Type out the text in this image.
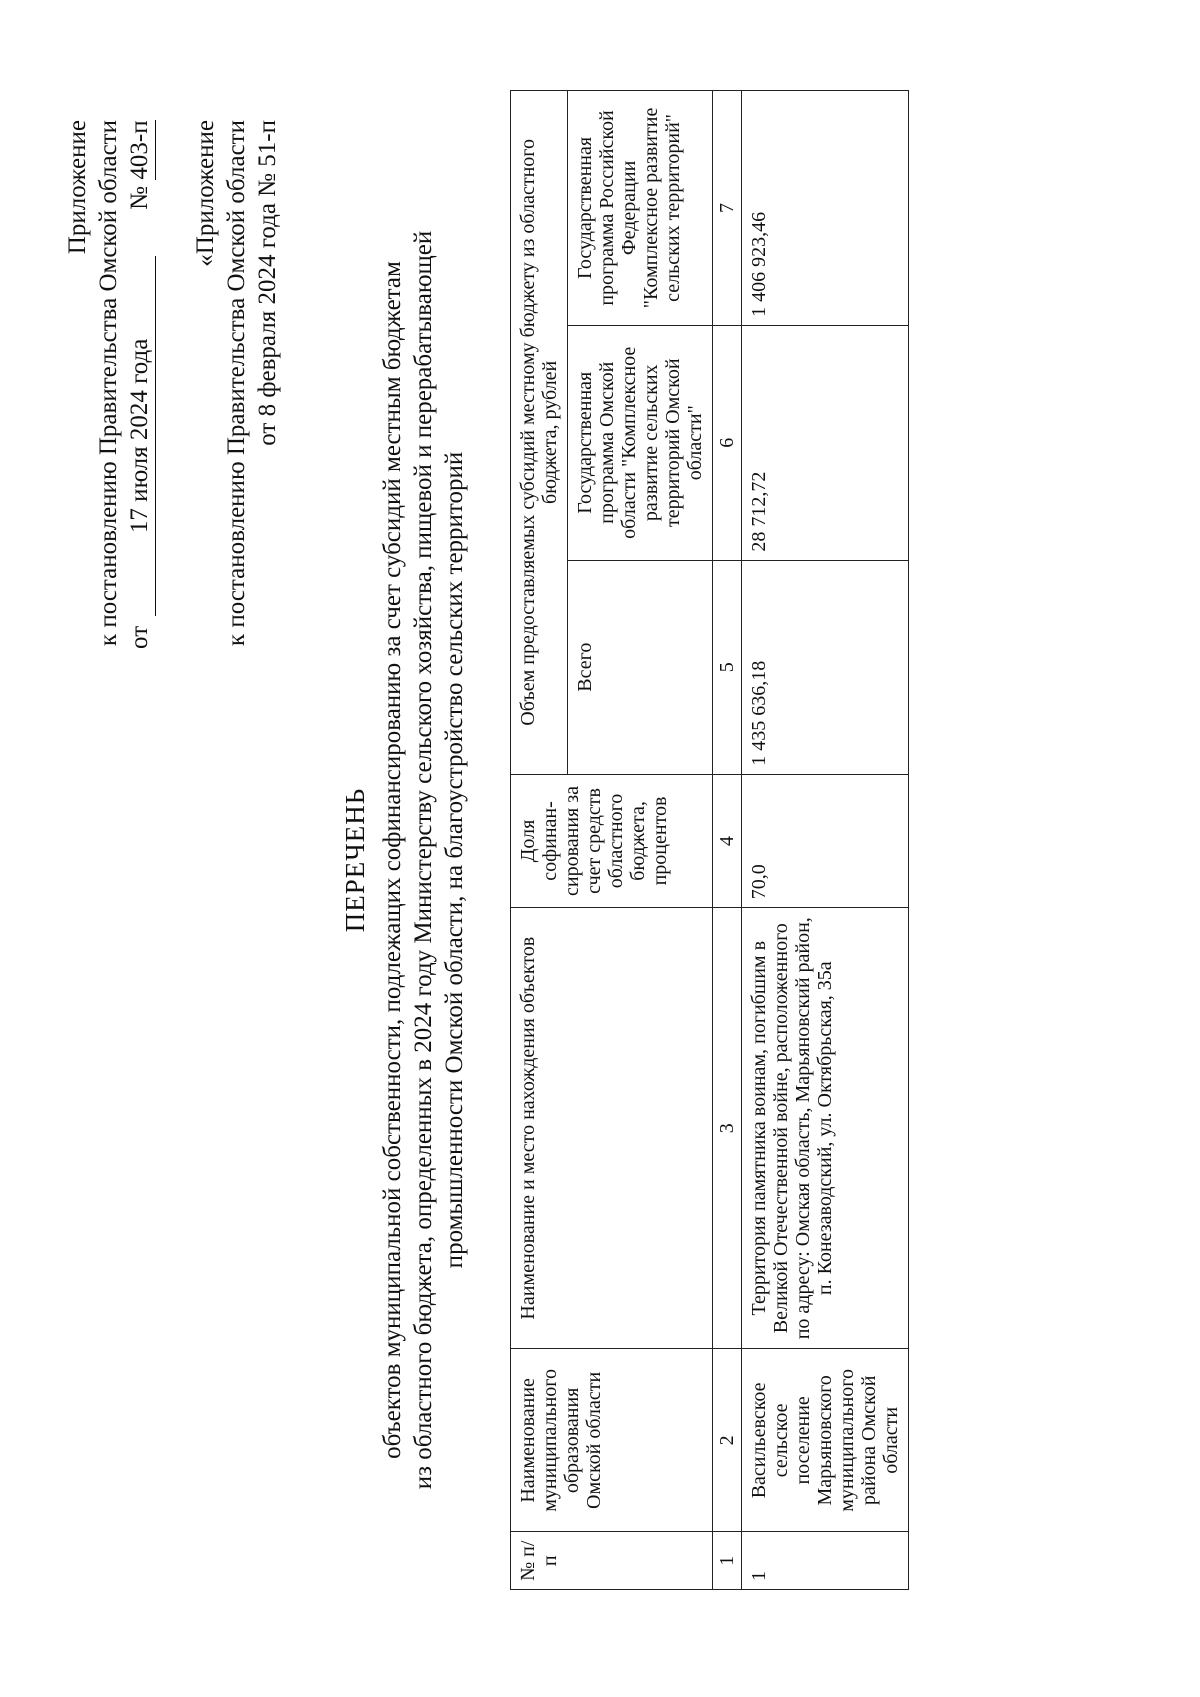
Приложение к постановлению Правительства Омской области от
17 июля 2024 года
№
403-п «Приложение к постановлению Правительства Омской области от 8 февраля 2024 года № 51-п
ПЕРЕЧЕНЬ объектов муниципальной собственности, подлежащих софинансированию за счет субсидий местным бюджетам из областного бюджета, определенных в 2024 году Министерству сельского хозяйства, пищевой и перерабатывающей промышленности Омской области, на благоустройство сельских территорий
№ п/п	Наименование муниципального образования Омской области	Наименование и место нахождения объектов	Доля софинан-сирования за счет средств областного бюджета, процентов	Объем предоставляемых субсидий местному бюджету из областного бюджета, рублей		
				Всего	Государственная программа Омской области "Комплексное развитие сельских территорий Омской области"	Государственная программа Российской Федерации "Комплексное развитие сельских территорий"
1	2	3	4	5	6	7
1	Васильевское сельское поселение Марьяновского муниципального района Омской области	Территория памятника воинам, погибшим в Великой Отечественной войне, расположенного по адресу: Омская область, Марьяновский район, п. Конезаводский, ул. Октябрьская, 35а	70,0	1 435 636,18	28 712,72	1 406 923,46
